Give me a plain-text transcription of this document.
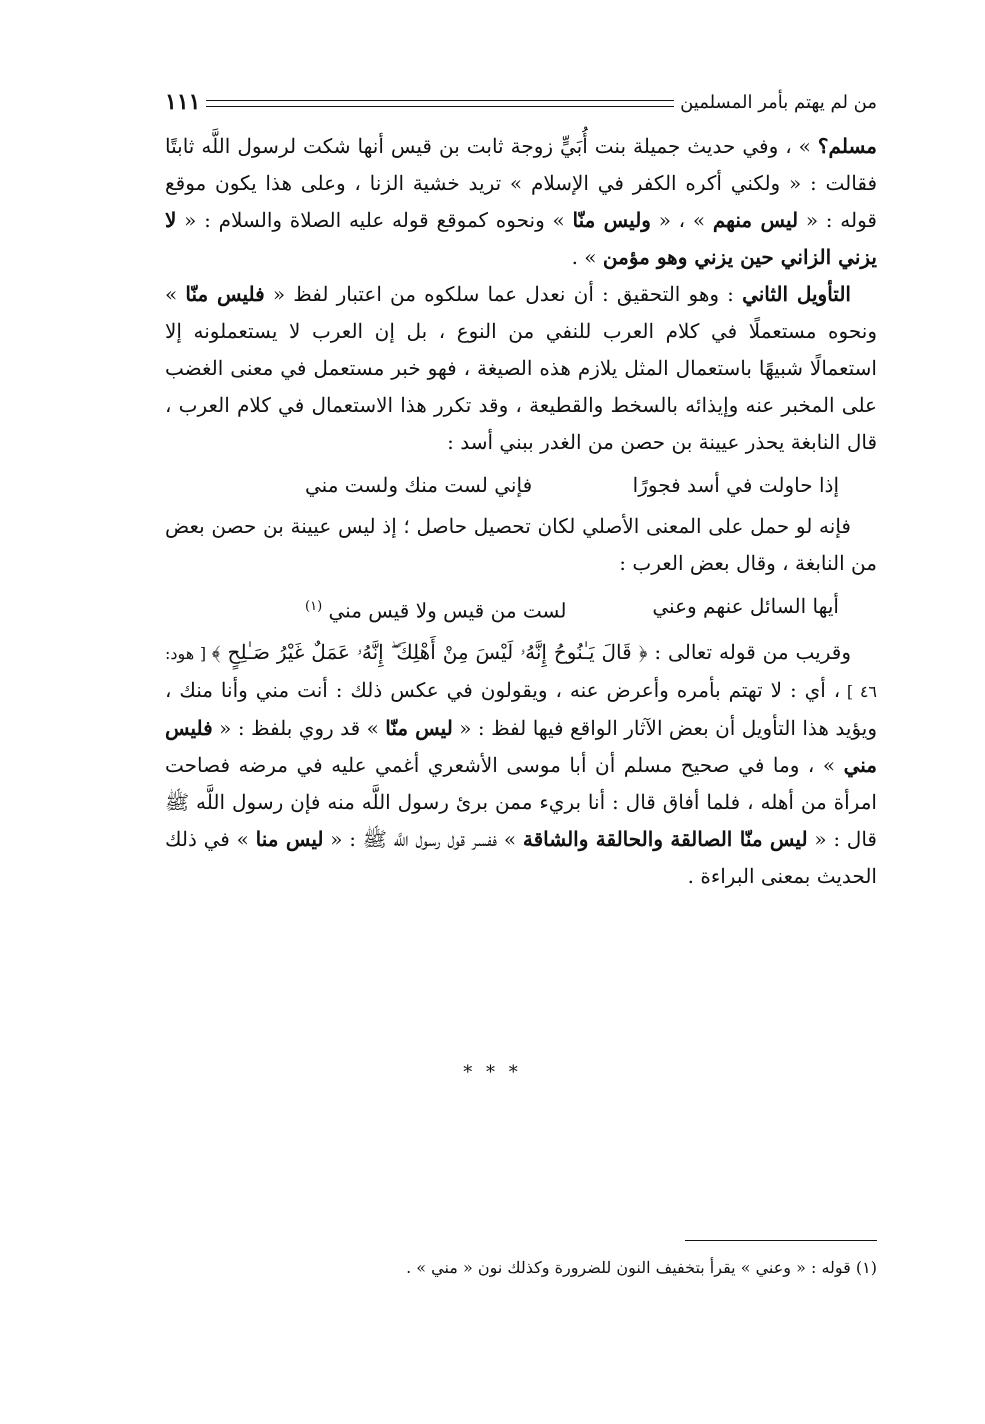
من لم يهتم بأمر المسلمين
١١١

مسلم؟ » ، وفي حديث جميلة بنت أُبَيٍّ زوجة ثابت بن قيس أنها شكت لرسول اللَّه ثابتًا فقالت : « ولكني أكره الكفر في الإسلام » تريد خشية الزنا ، وعلى هذا يكون موقع قوله : « ليس منهم » ، « وليس منّا » ونحوه كموقع قوله عليه الصلاة والسلام : « لا يزني الزاني حين يزني وهو مؤمن » .

التأويل الثاني : وهو التحقيق : أن نعدل عما سلكوه من اعتبار لفظ « فليس منّا » ونحوه مستعملًا في كلام العرب للنفي من النوع ، بل إن العرب لا يستعملونه إلا استعمالًا شبيهًا باستعمال المثل يلازم هذه الصيغة ، فهو خبر مستعمل في معنى الغضب على المخبر عنه وإيذائه بالسخط والقطيعة ، وقد تكرر هذا الاستعمال في كلام العرب ، قال النابغة يحذر عيينة بن حصن من الغدر ببني أسد :

إذا حاولت في أسد فجورًا
فإني لست منك ولست مني

فإنه لو حمل على المعنى الأصلي لكان تحصيل حاصل ؛ إذ ليس عيينة بن حصن بعض من النابغة ، وقال بعض العرب :

أيها السائل عنهم وعني
لست من قيس ولا قيس مني $^{(١)}$

وقريب من قوله تعالى : ﴿ قَالَ يَـٰنُوحُ إِنَّهُۥ لَيْسَ مِنْ أَهْلِكَ ۖ إِنَّهُۥ عَمَلٌ غَيْرُ صَـٰلِحٍ ﴾ [ هود: ٤٦ ] ، أي : لا تهتم بأمره وأعرض عنه ، ويقولون في عكس ذلك : أنت مني وأنا منك ، ويؤيد هذا التأويل أن بعض الآثار الواقع فيها لفظ : « ليس منّا » قد روي بلفظ : « فليس مني » ، وما في صحيح مسلم أن أبا موسى الأشعري أغمي عليه في مرضه فصاحت امرأة من أهله ، فلما أفاق قال : أنا بريء ممن برئ رسول اللَّه منه فإن رسول اللَّه ﷺ قال : « ليس منّا الصالقة والحالقة والشاقة » ففسر قول رسول اللَّه ﷺ : « ليس منا » في ذلك الحديث بمعنى البراءة .

* * *
(١) قوله : « وعني » يقرأ بتخفيف النون للضرورة وكذلك نون « مني » .
